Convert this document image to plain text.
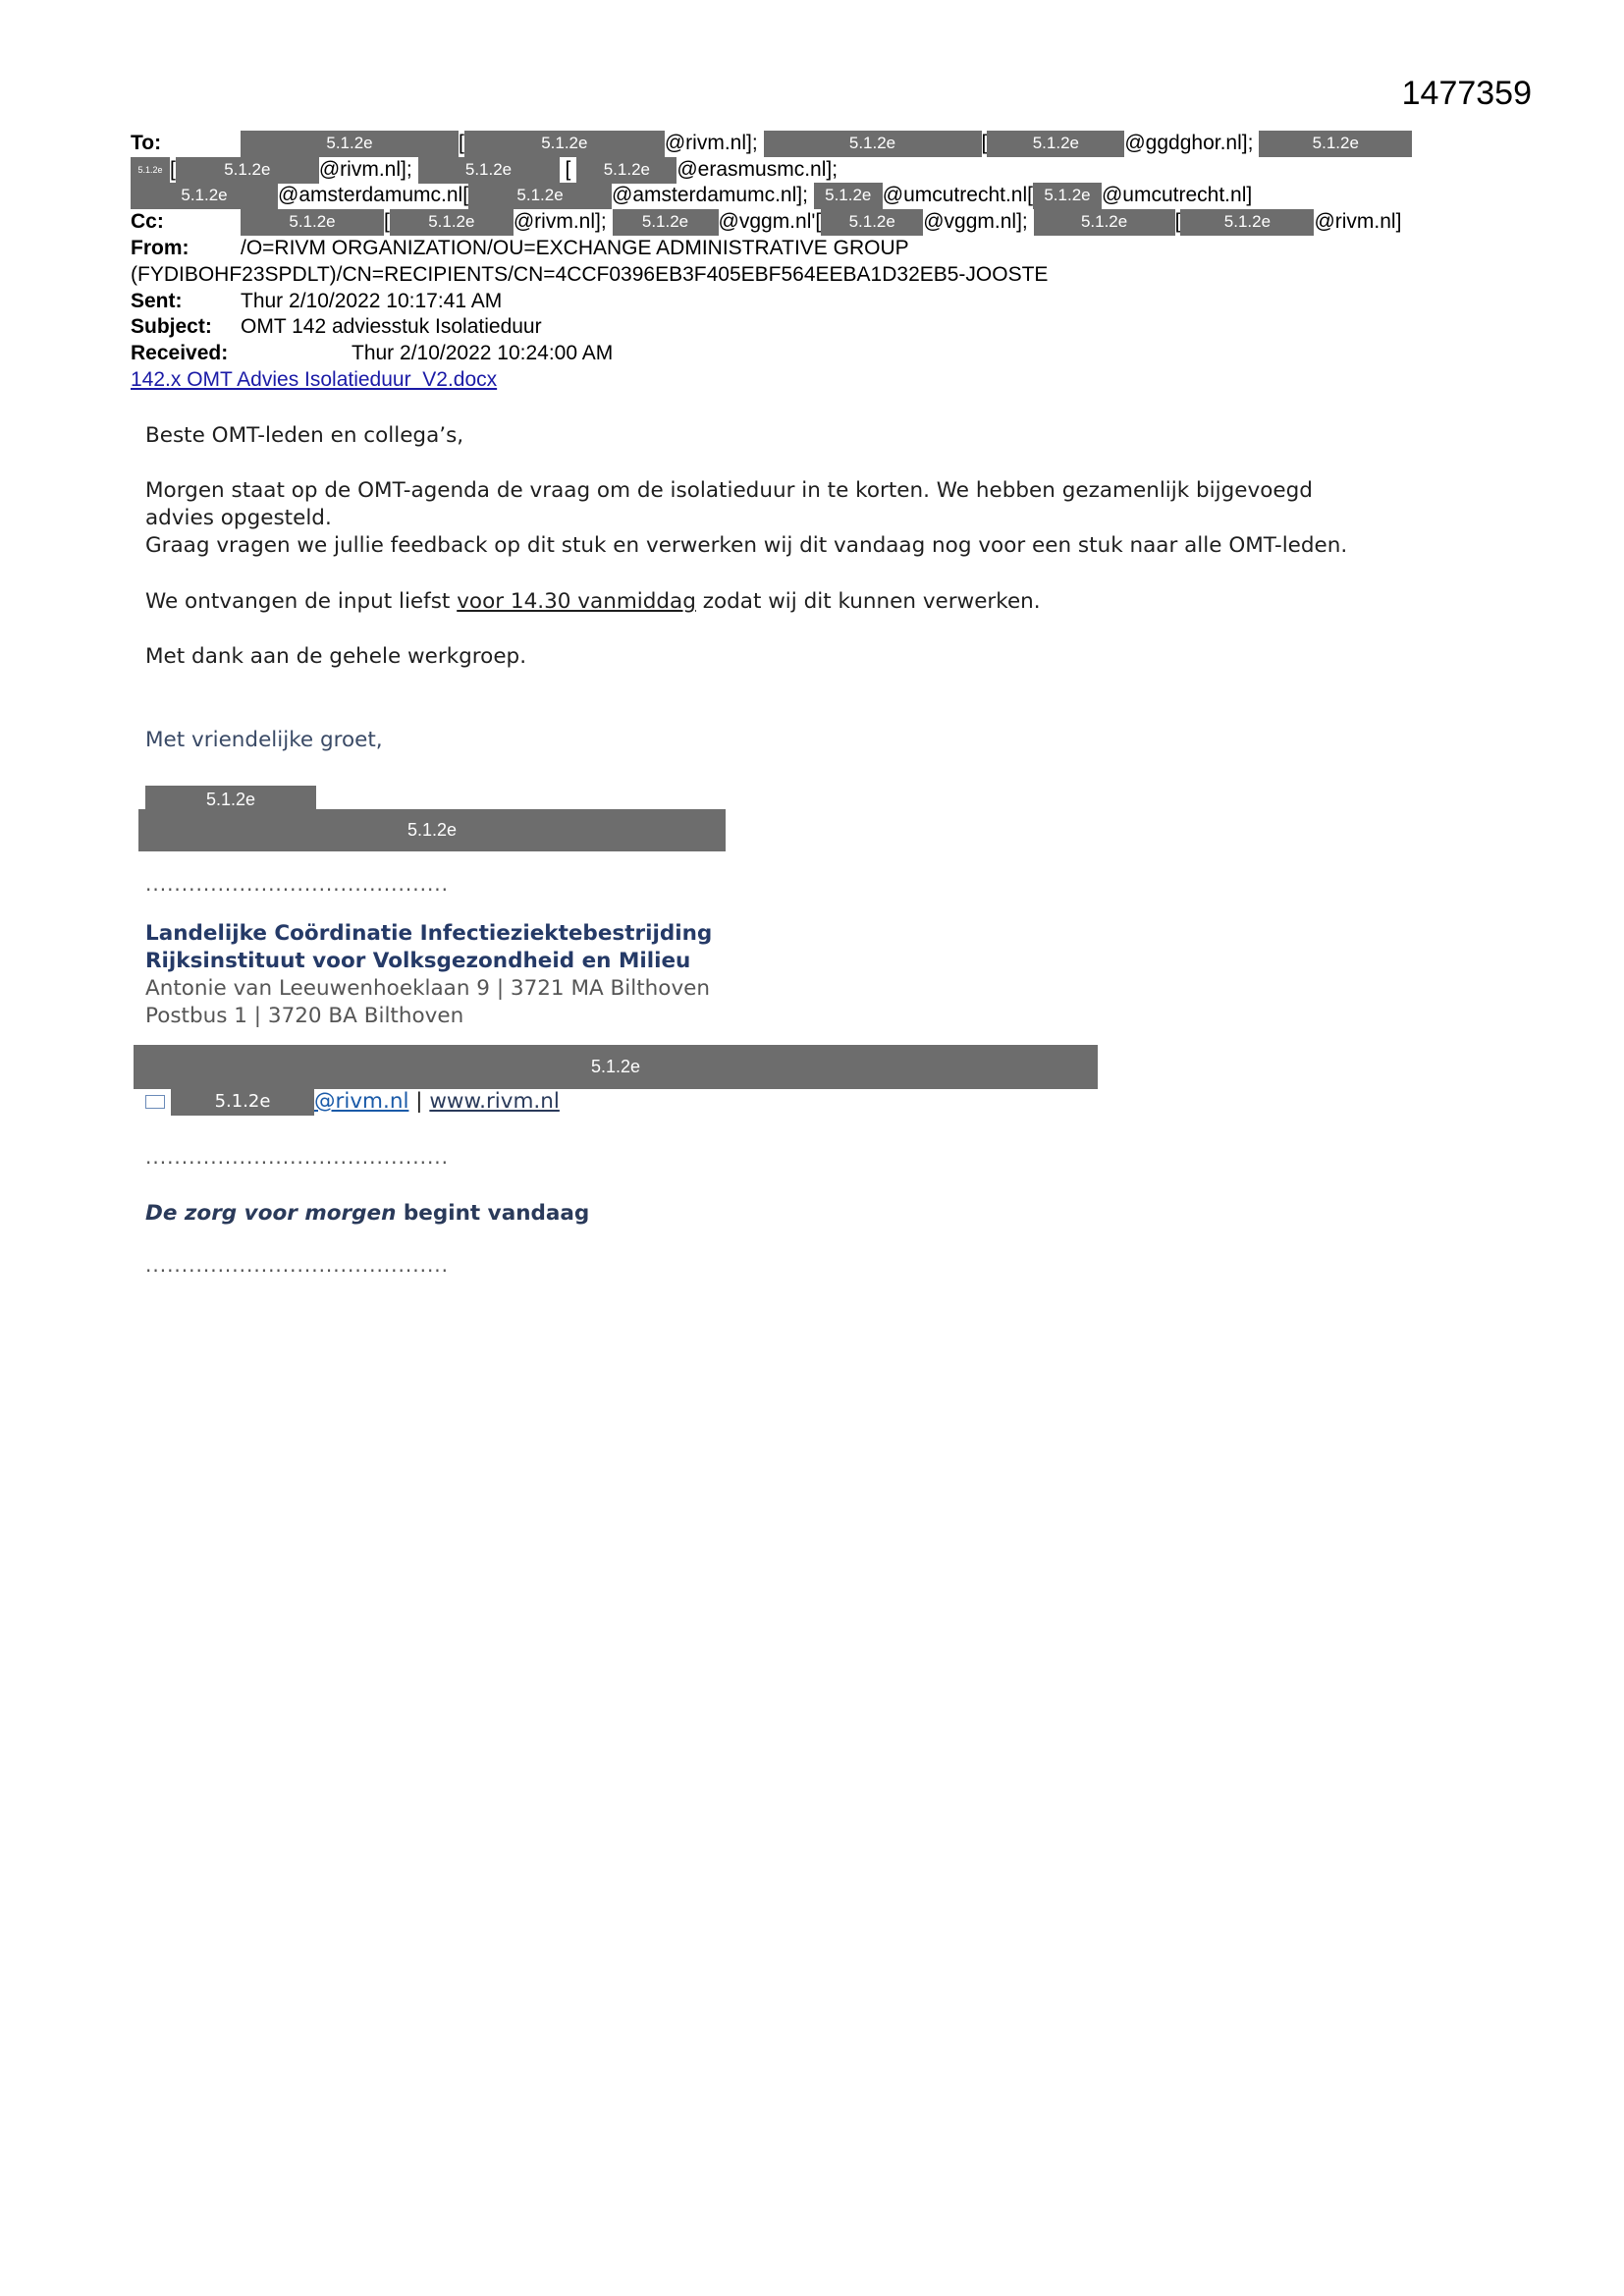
1477359
To:	5.1.2e	[	5.1.2e	@rivm.nl];	5.1.2e	[	5.1.2e @ggdghor.nl];	5.1.2e
5.1.2e [	5.1.2e @rivm.nl];	5.1.2e	[ 5.1.2e @erasmusmc.nl];
5.1.2e @amsterdamumc.nl[	5.1.2e @amsterdamumc.nl]; 5.1.2e @umcutrecht.nl[ 5.1.2e @umcutrecht.nl]
Cc:	5.1.2e [ 5.1.2e @rivm.nl]; 5.1.2e @vggm.nl'[ 5.1.2e @vggm.nl];	5.1.2e [	5.1.2e @rivm.nl]
From:	/O=RIVM ORGANIZATION/OU=EXCHANGE ADMINISTRATIVE GROUP
(FYDIBOHF23SPDLT)/CN=RECIPIENTS/CN=4CCF0396EB3F405EBF564EEBA1D32EB5-JOOSTE
Sent:	Thur 2/10/2022 10:17:41 AM
Subject: OMT 142 adviesstuk Isolatieduur
Received:	Thur 2/10/2022 10:24:00 AM
142.x OMT Advies Isolatieduur_V2.docx
Beste OMT-leden en collega’s,
Morgen staat op de OMT-agenda de vraag om de isolatieduur in te korten. We hebben gezamenlijk bijgevoegd
advies opgesteld.
Graag vragen we jullie feedback op dit stuk en verwerken wij dit vandaag nog voor een stuk naar alle OMT-leden.
We ontvangen de input liefst voor 14.30 vanmiddag zodat wij dit kunnen verwerken.
Met dank aan de gehele werkgroep.
Met vriendelijke groet,
5.1.2e
5.1.2e
..........................................
Landelijke Coördinatie Infectieziektebestrijding
Rijksinstituut voor Volksgezondheid en Milieu
Antonie van Leeuwenhoeklaan 9 | 3721 MA Bilthoven
Postbus 1 | 3720 BA Bilthoven
5.1.2e
5.1.2e @rivm.nl | www.rivm.nl
..........................................
De zorg voor morgen begint vandaag
..........................................
